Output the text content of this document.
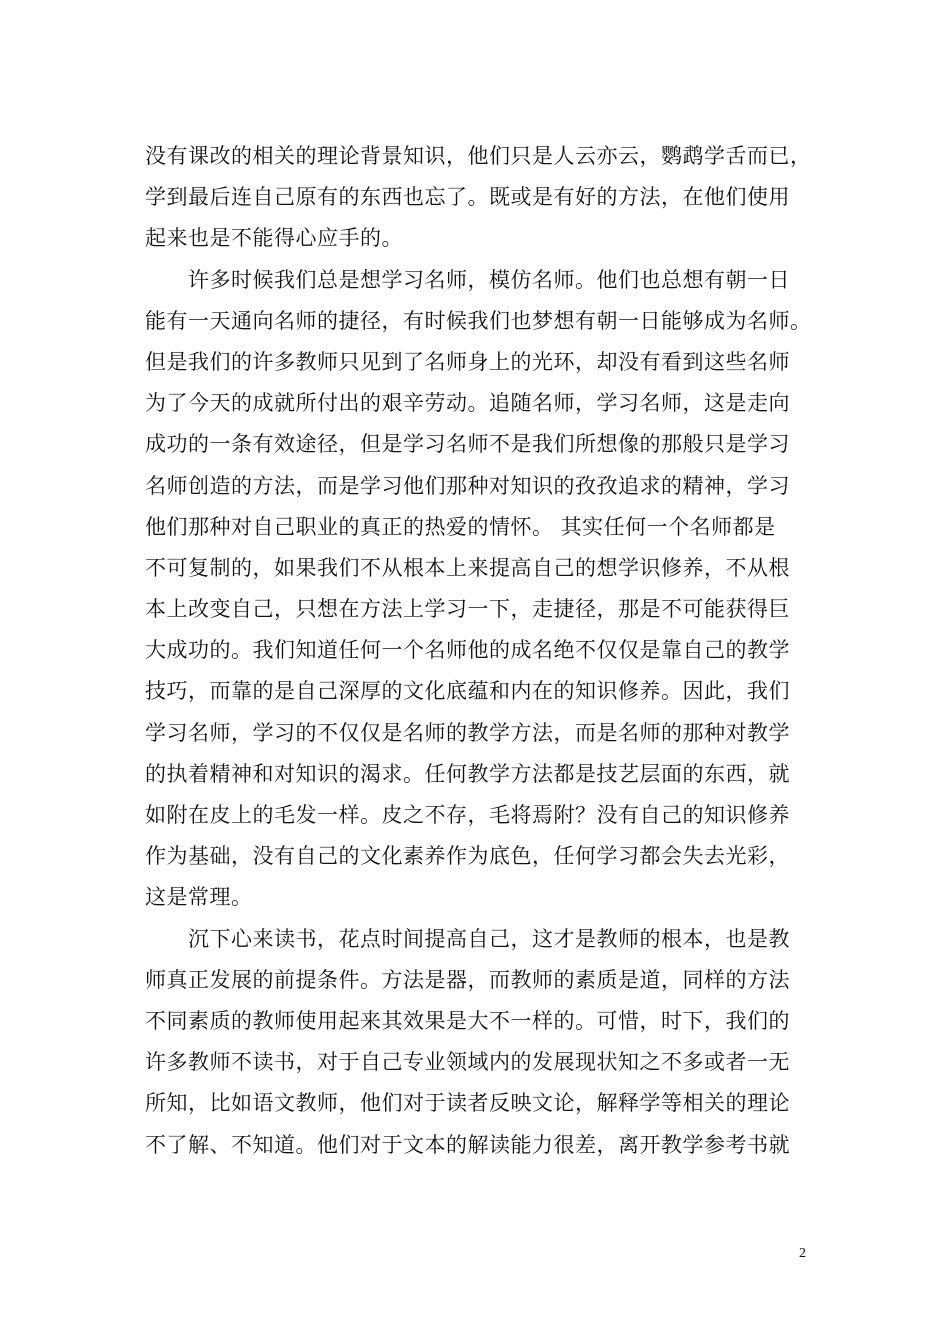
没有课改的相关的理论背景知识，他们只是人云亦云，鹦鹉学舌而已，
学到最后连自己原有的东西也忘了。既或是有好的方法，在他们使用
起来也是不能得心应手的。
　　许多时候我们总是想学习名师，模仿名师。他们也总想有朝一日
能有一天通向名师的捷径，有时候我们也梦想有朝一日能够成为名师。
但是我们的许多教师只见到了名师身上的光环，却没有看到这些名师
为了今天的成就所付出的艰辛劳动。追随名师，学习名师，这是走向
成功的一条有效途径，但是学习名师不是我们所想像的那般只是学习
名师创造的方法，而是学习他们那种对知识的孜孜追求的精神，学习
他们那种对自己职业的真正的热爱的情怀。 其实任何一个名师都是
不可复制的，如果我们不从根本上来提高自己的想学识修养，不从根
本上改变自己，只想在方法上学习一下，走捷径，那是不可能获得巨
大成功的。我们知道任何一个名师他的成名绝不仅仅是靠自己的教学
技巧，而靠的是自己深厚的文化底蕴和内在的知识修养。因此，我们
学习名师，学习的不仅仅是名师的教学方法，而是名师的那种对教学
的执着精神和对知识的渴求。任何教学方法都是技艺层面的东西，就
如附在皮上的毛发一样。皮之不存，毛将焉附？没有自己的知识修养
作为基础，没有自己的文化素养作为底色，任何学习都会失去光彩，
这是常理。
　　沉下心来读书，花点时间提高自己，这才是教师的根本，也是教
师真正发展的前提条件。方法是器，而教师的素质是道，同样的方法
不同素质的教师使用起来其效果是大不一样的。可惜，时下，我们的
许多教师不读书，对于自己专业领域内的发展现状知之不多或者一无
所知，比如语文教师，他们对于读者反映文论，解释学等相关的理论
不了解、不知道。他们对于文本的解读能力很差，离开教学参考书就
2
